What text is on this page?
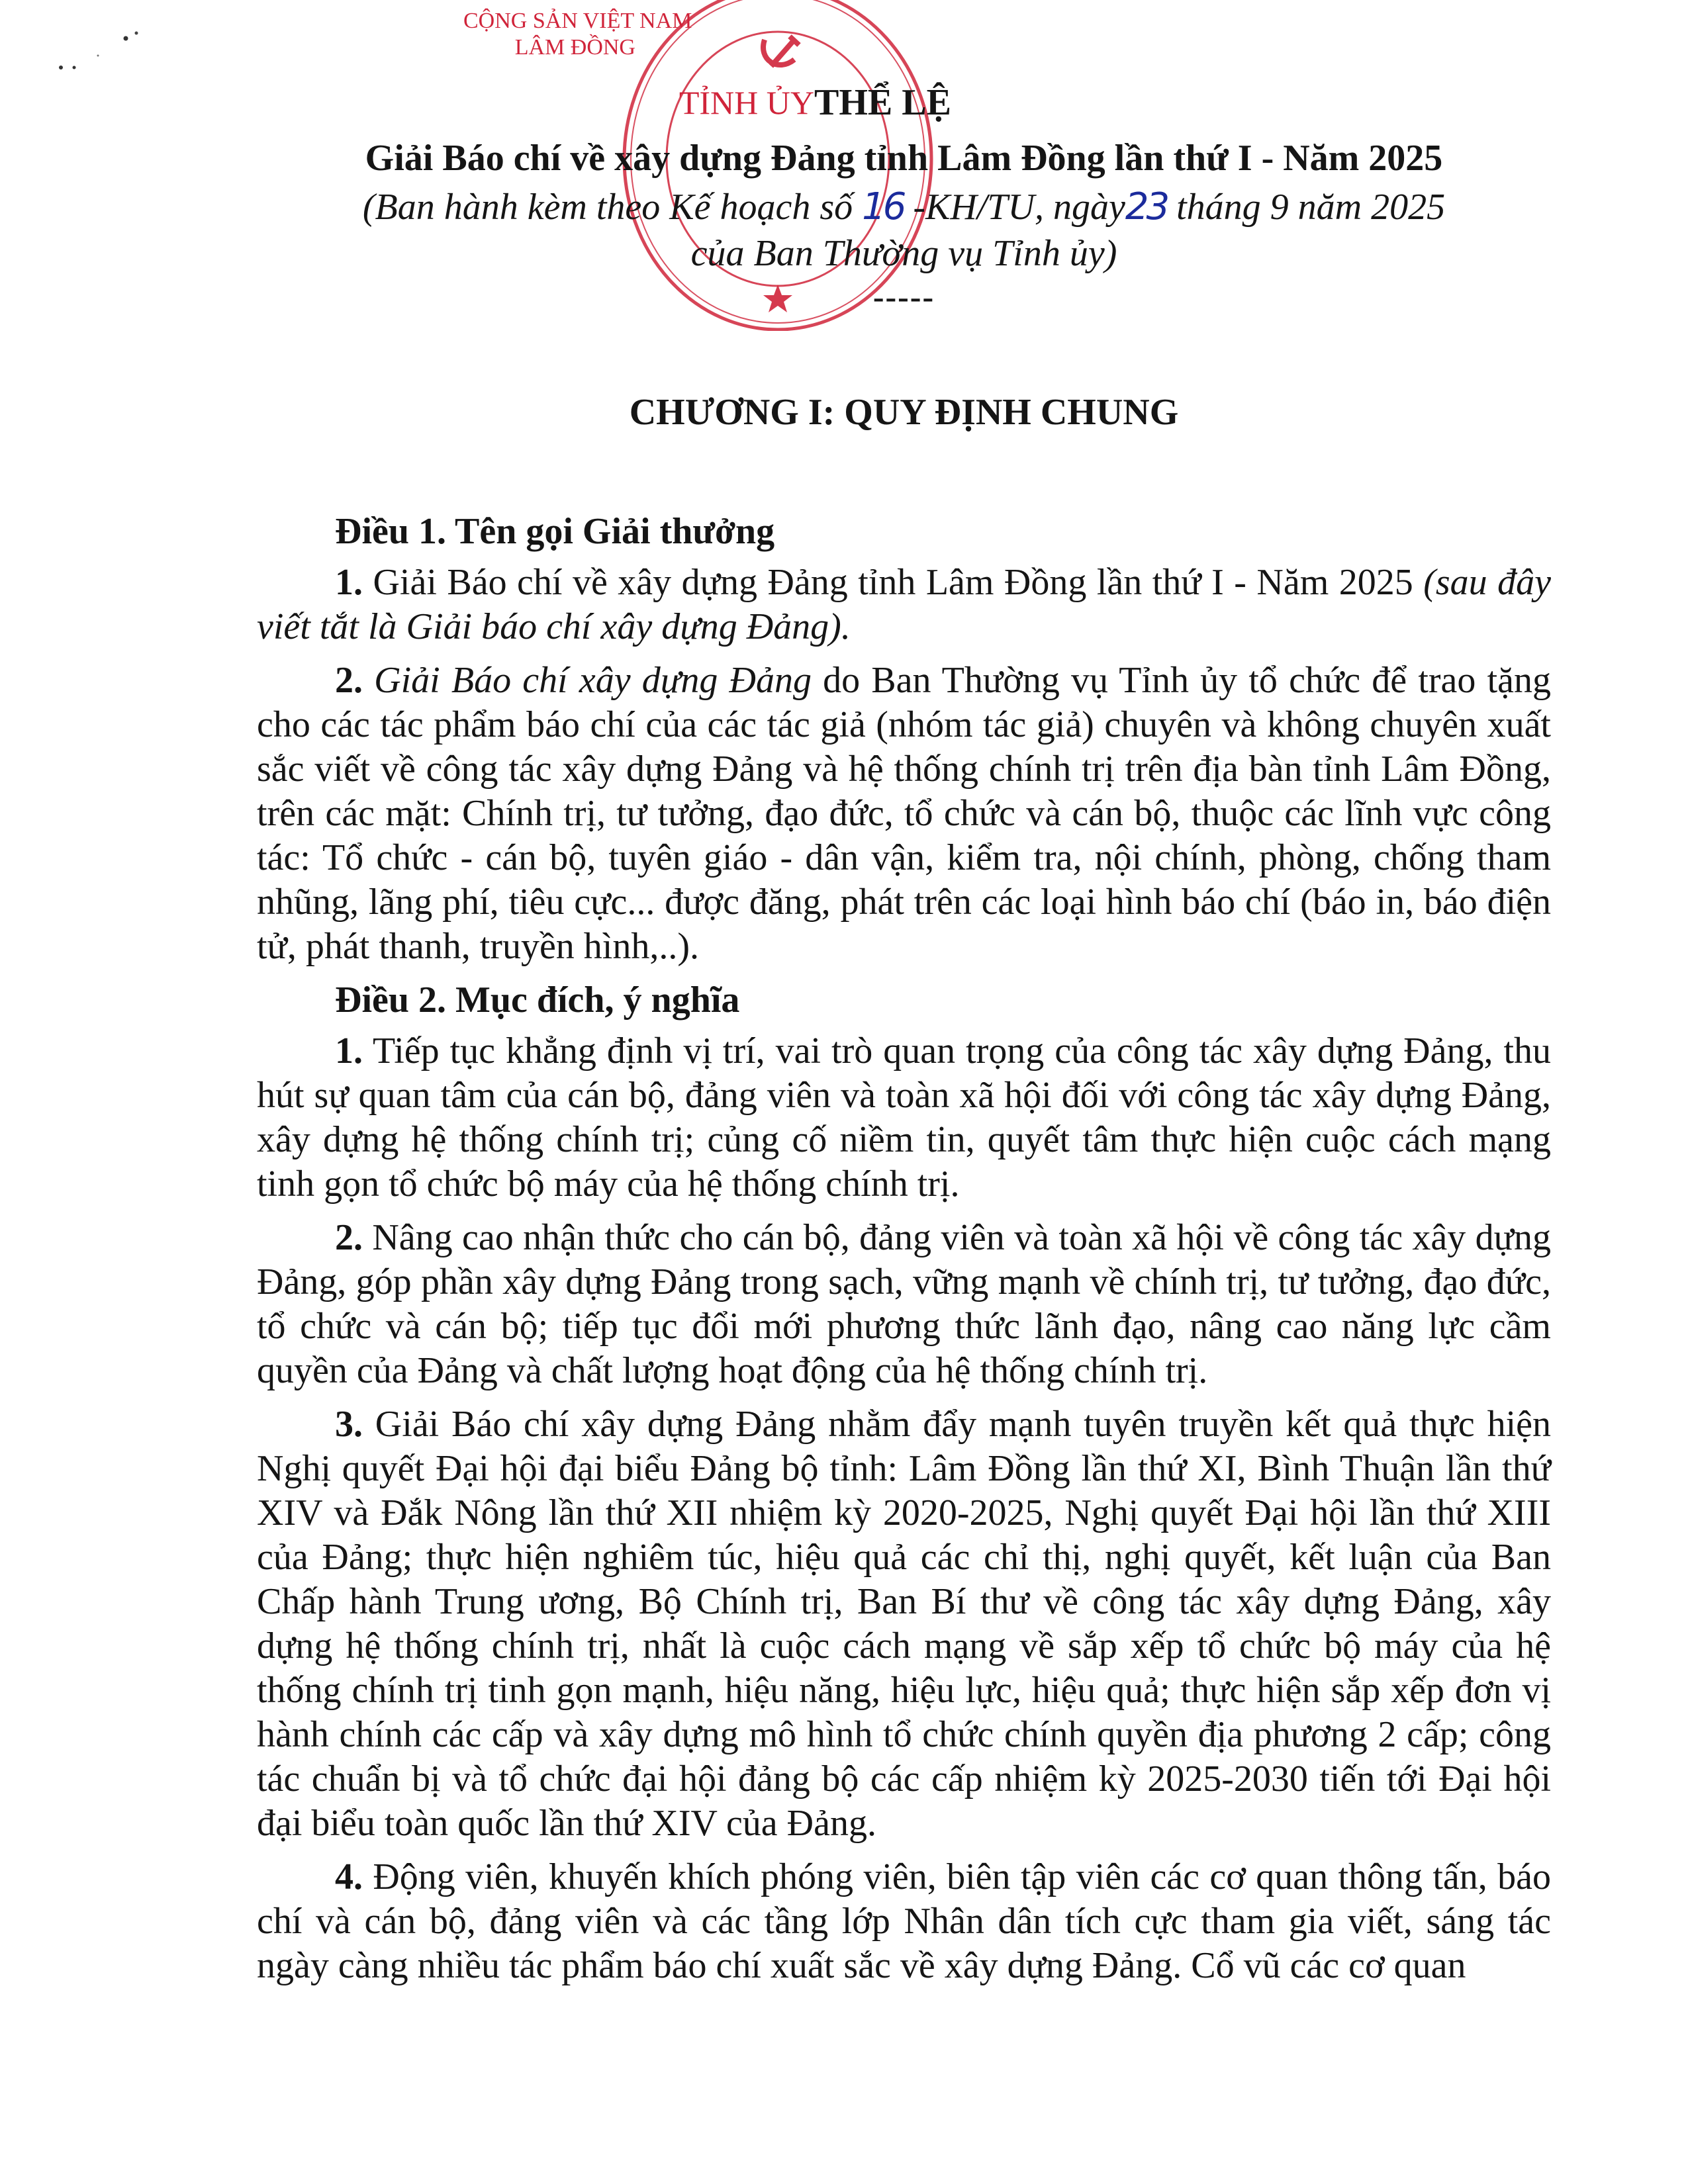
CỘNG SẢN VIỆT NAM
LÂM ĐỒNG
TỈNH ỦY THỂ LỆ
Giải Báo chí về xây dựng Đảng tỉnh Lâm Đồng lần thứ I - Năm 2025
(Ban hành kèm theo Kế hoạch số 16 -KH/TU, ngày23 tháng 9 năm 2025
của Ban Thường vụ Tỉnh ủy)
-----
CHƯƠNG I: QUY ĐỊNH CHUNG
Điều 1. Tên gọi Giải thưởng

1. Giải Báo chí về xây dựng Đảng tỉnh Lâm Đồng lần thứ I - Năm 2025 (sau đây viết tắt là Giải báo chí xây dựng Đảng).

2. Giải Báo chí xây dựng Đảng do Ban Thường vụ Tỉnh ủy tổ chức để trao tặng cho các tác phẩm báo chí của các tác giả (nhóm tác giả) chuyên và không chuyên xuất sắc viết về công tác xây dựng Đảng và hệ thống chính trị trên địa bàn tỉnh Lâm Đồng, trên các mặt: Chính trị, tư tưởng, đạo đức, tổ chức và cán bộ, thuộc các lĩnh vực công tác: Tổ chức - cán bộ, tuyên giáo - dân vận, kiểm tra, nội chính, phòng, chống tham nhũng, lãng phí, tiêu cực... được đăng, phát trên các loại hình báo chí (báo in, báo điện tử, phát thanh, truyền hình,..).

Điều 2. Mục đích, ý nghĩa

1. Tiếp tục khẳng định vị trí, vai trò quan trọng của công tác xây dựng Đảng, thu hút sự quan tâm của cán bộ, đảng viên và toàn xã hội đối với công tác xây dựng Đảng, xây dựng hệ thống chính trị; củng cố niềm tin, quyết tâm thực hiện cuộc cách mạng tinh gọn tổ chức bộ máy của hệ thống chính trị.

2. Nâng cao nhận thức cho cán bộ, đảng viên và toàn xã hội về công tác xây dựng Đảng, góp phần xây dựng Đảng trong sạch, vững mạnh về chính trị, tư tưởng, đạo đức, tổ chức và cán bộ; tiếp tục đổi mới phương thức lãnh đạo, nâng cao năng lực cầm quyền của Đảng và chất lượng hoạt động của hệ thống chính trị.

3. Giải Báo chí xây dựng Đảng nhằm đẩy mạnh tuyên truyền kết quả thực hiện Nghị quyết Đại hội đại biểu Đảng bộ tỉnh: Lâm Đồng lần thứ XI, Bình Thuận lần thứ XIV và Đắk Nông lần thứ XII nhiệm kỳ 2020-2025, Nghị quyết Đại hội lần thứ XIII của Đảng; thực hiện nghiêm túc, hiệu quả các chỉ thị, nghị quyết, kết luận của Ban Chấp hành Trung ương, Bộ Chính trị, Ban Bí thư về công tác xây dựng Đảng, xây dựng hệ thống chính trị, nhất là cuộc cách mạng về sắp xếp tổ chức bộ máy của hệ thống chính trị tinh gọn mạnh, hiệu năng, hiệu lực, hiệu quả; thực hiện sắp xếp đơn vị hành chính các cấp và xây dựng mô hình tổ chức chính quyền địa phương 2 cấp; công tác chuẩn bị và tổ chức đại hội đảng bộ các cấp nhiệm kỳ 2025-2030 tiến tới Đại hội đại biểu toàn quốc lần thứ XIV của Đảng.

4. Động viên, khuyến khích phóng viên, biên tập viên các cơ quan thông tấn, báo chí và cán bộ, đảng viên và các tầng lớp Nhân dân tích cực tham gia viết, sáng tác ngày càng nhiều tác phẩm báo chí xuất sắc về xây dựng Đảng. Cổ vũ các cơ quan
